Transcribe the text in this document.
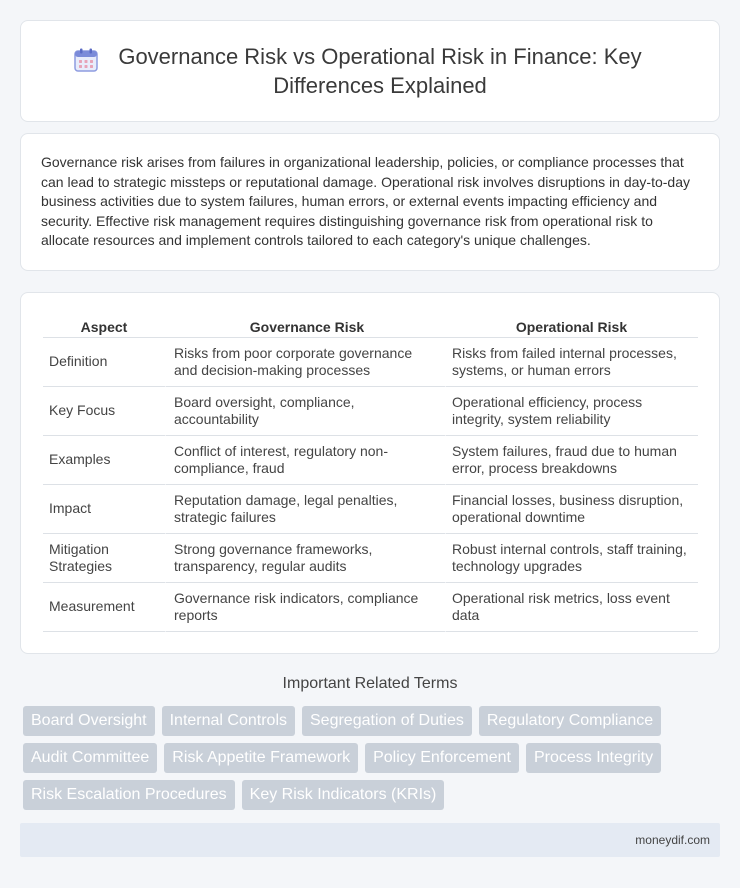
Governance Risk vs Operational Risk in Finance: Key Differences Explained

Governance risk arises from failures in organizational leadership, policies, or compliance processes that can lead to strategic missteps or reputational damage. Operational risk involves disruptions in day-to-day business activities due to system failures, human errors, or external events impacting efficiency and security. Effective risk management requires distinguishing governance risk from operational risk to allocate resources and implement controls tailored to each category's unique challenges.

Aspect	Governance Risk	Operational Risk
Definition	Risks from poor corporate governance and decision-making processes	Risks from failed internal processes, systems, or human errors
Key Focus	Board oversight, compliance, accountability	Operational efficiency, process integrity, system reliability
Examples	Conflict of interest, regulatory non-compliance, fraud	System failures, fraud due to human error, process breakdowns
Impact	Reputation damage, legal penalties, strategic failures	Financial losses, business disruption, operational downtime
Mitigation Strategies	Strong governance frameworks, transparency, regular audits	Robust internal controls, staff training, technology upgrades
Measurement	Governance risk indicators, compliance reports	Operational risk metrics, loss event data
Important Related Terms
Board Oversight	Internal Controls	Segregation of Duties	Regulatory Compliance
Audit Committee	Risk Appetite Framework	Policy Enforcement	Process Integrity
Risk Escalation Procedures	Key Risk Indicators (KRIs)
moneydif.com
